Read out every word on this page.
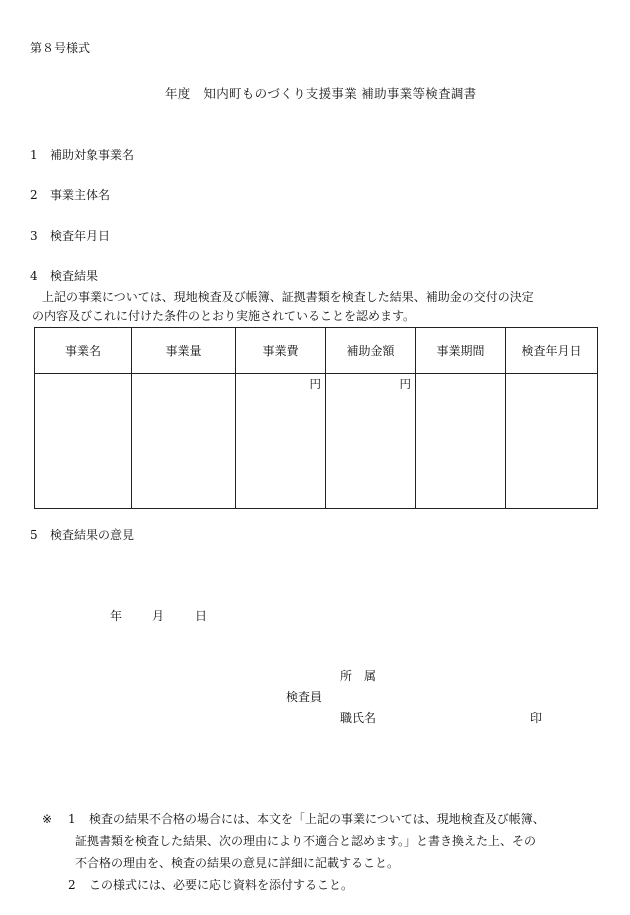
第８号様式
年度　知内町ものづくり支援事業 補助事業等検査調書
1 補助対象事業名
2 事業主体名
3 検査年月日
4 検査結果
上記の事業については、現地検査及び帳簿、証拠書類を検査した結果、補助金の交付の決定
の内容及びこれに付けた条件のとおり実施されていることを認めます。
事業名	事業量	事業費	補助金額	事業期間	検査年月日
		円	円		
5 検査結果の意見
年 月	日
所　属
検査員
職氏名	印
※ 1 検査の結果不合格の場合には、本文を「上記の事業については、現地検査及び帳簿、
証拠書類を検査した結果、次の理由により不適合と認めます。」と書き換えた上、その
不合格の理由を、検査の結果の意見に詳細に記載すること。
2 この様式には、必要に応じ資料を添付すること。
